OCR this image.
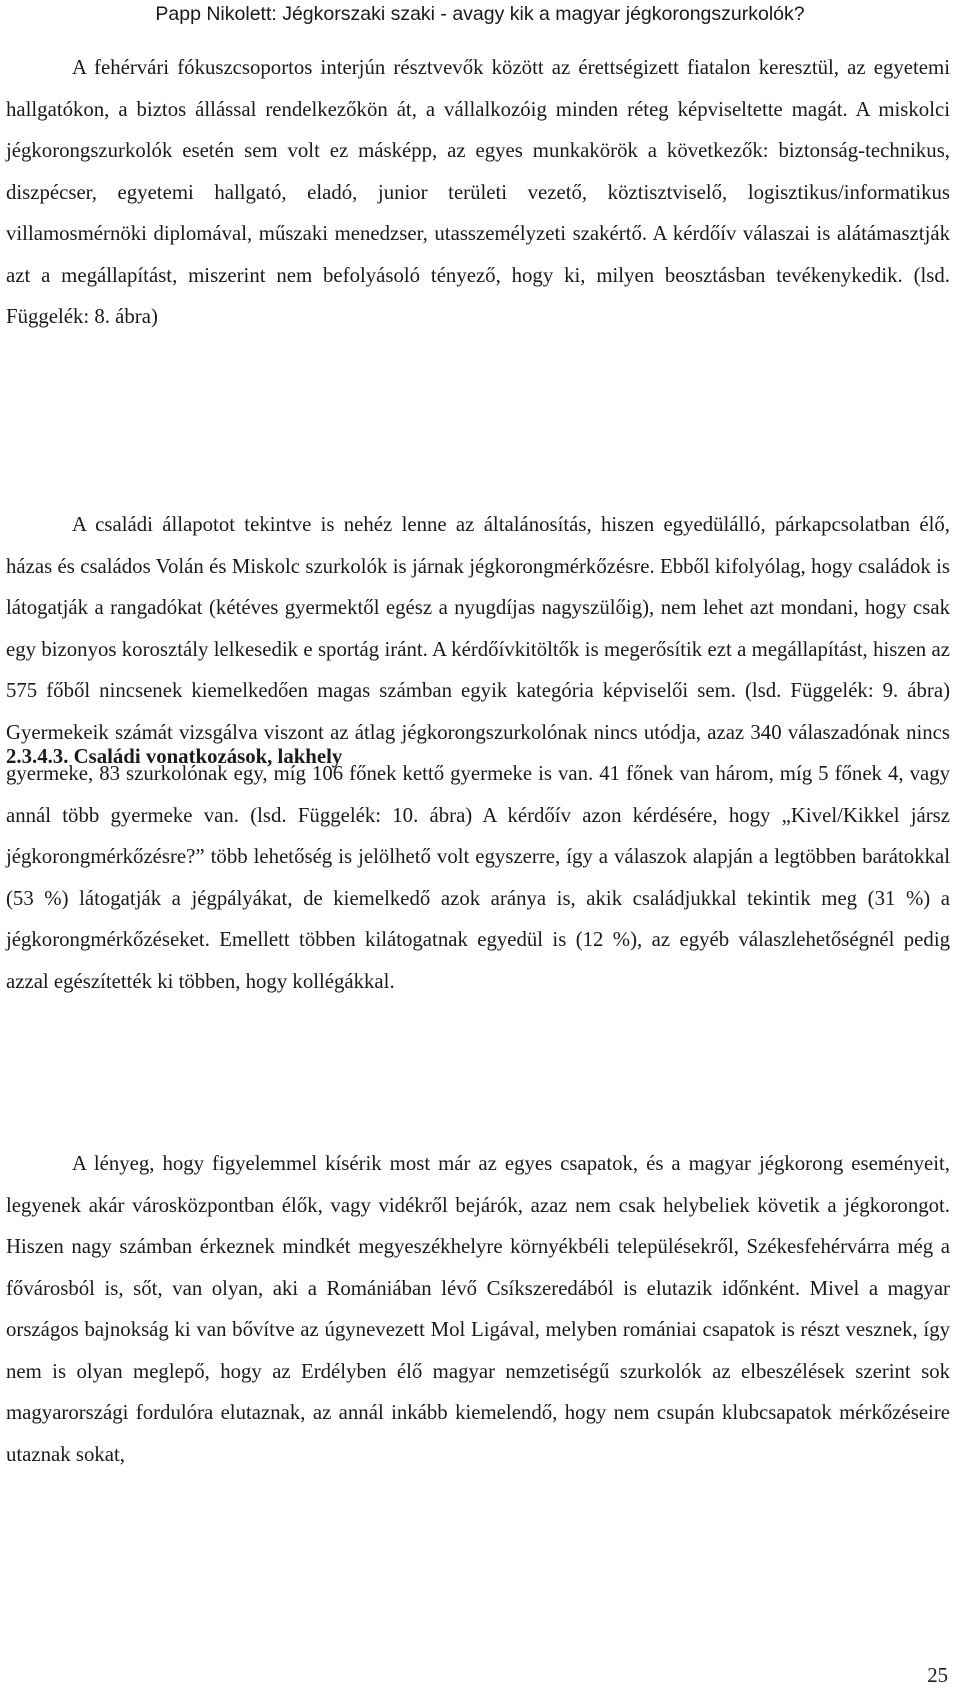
Papp Nikolett: Jégkorszaki szaki - avagy kik a magyar jégkorongszurkolók?

A fehérvári fókuszcsoportos interjún résztvevők között az érettségizett fiatalon keresztül, az egyetemi hallgatókon, a biztos állással rendelkezőkön át, a vállalkozóig minden réteg képviseltette magát. A miskolci jégkorongszurkolók esetén sem volt ez másképp, az egyes munkakörök a következők: biztonság-technikus, diszpécser, egyetemi hallgató, eladó, junior területi vezető, köztisztviselő, logisztikus/informatikus villamosmérnöki diplomával, műszaki menedzser, utasszemélyzeti szakértő. A kérdőív válaszai is alátámasztják azt a megállapítást, miszerint nem befolyásoló tényező, hogy ki, milyen beosztásban tevékenykedik. (lsd. Függelék: 8. ábra)

2.3.4.3. Családi vonatkozások, lakhely

A családi állapotot tekintve is nehéz lenne az általánosítás, hiszen egyedülálló, párkapcsolatban élő, házas és családos Volán és Miskolc szurkolók is járnak jégkorongmérkőzésre. Ebből kifolyólag, hogy családok is látogatják a rangadókat (kétéves gyermektől egész a nyugdíjas nagyszülőig), nem lehet azt mondani, hogy csak egy bizonyos korosztály lelkesedik e sportág iránt. A kérdőívkitöltők is megerősítik ezt a megállapítást, hiszen az 575 főből nincsenek kiemelkedően magas számban egyik kategória képviselői sem. (lsd. Függelék: 9. ábra) Gyermekeik számát vizsgálva viszont az átlag jégkorongszurkolónak nincs utódja, azaz 340 válaszadónak nincs gyermeke, 83 szurkolónak egy, míg 106 főnek kettő gyermeke is van. 41 főnek van három, míg 5 főnek 4, vagy annál több gyermeke van. (lsd. Függelék: 10. ábra) A kérdőív azon kérdésére, hogy „Kivel/Kikkel jársz jégkorongmérkőzésre?” több lehetőség is jelölhető volt egyszerre, így a válaszok alapján a legtöbben barátokkal (53 %) látogatják a jégpályákat, de kiemelkedő azok aránya is, akik családjukkal tekintik meg (31 %) a jégkorongmérkőzéseket. Emellett többen kilátogatnak egyedül is (12 %), az egyéb válaszlehetőségnél pedig azzal egészítették ki többen, hogy kollégákkal.

A lényeg, hogy figyelemmel kísérik most már az egyes csapatok, és a magyar jégkorong eseményeit, legyenek akár városközpontban élők, vagy vidékről bejárók, azaz nem csak helybeliek követik a jégkorongot. Hiszen nagy számban érkeznek mindkét megyeszékhelyre környékbéli településekről, Székesfehérvárra még a fővárosból is, sőt, van olyan, aki a Romániában lévő Csíkszeredából is elutazik időnként. Mivel a magyar országos bajnokság ki van bővítve az úgynevezett Mol Ligával, melyben romániai csapatok is részt vesznek, így nem is olyan meglepő, hogy az Erdélyben élő magyar nemzetiségű szurkolók az elbeszélések szerint sok magyarországi fordulóra elutaznak, az annál inkább kiemelendő, hogy nem csupán klubcsapatok mérkőzéseire utaznak sokat,

25
